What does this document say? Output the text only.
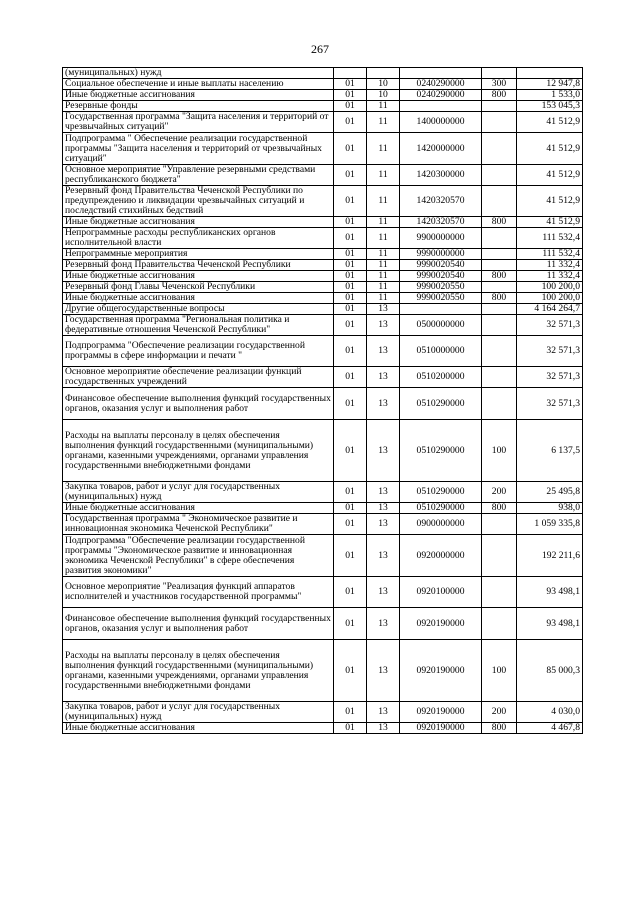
267
(муниципальных) нужд					
Социальное обеспечение и иные выплаты населению	01	10	0240290000	300	12 947,8
Иные бюджетные ассигнования	01	10	0240290000	800	1 533,0
Резервные фонды	01	11			153 045,3
Государственная программа "Защита населения и территорий от чрезвычайных ситуаций"	01	11	1400000000		41 512,9
Подпрограмма " Обеспечение реализации государственной программы "Защита населения и территорий от чрезвычайных ситуаций"	01	11	1420000000		41 512,9
Основное мероприятие "Управление резервными средствами республиканского бюджета"	01	11	1420300000		41 512,9
Резервный фонд Правительства Чеченской Республики по предупреждению и ликвидации чрезвычайных ситуаций и последствий стихийных бедствий	01	11	1420320570		41 512,9
Иные бюджетные ассигнования	01	11	1420320570	800	41 512,9
Непрограммные расходы республиканских органов исполнительной власти	01	11	9900000000		111 532,4
Непрограммные мероприятия	01	11	9990000000		111 532,4
Резервный фонд Правительства Чеченской Республики	01	11	9990020540		11 332,4
Иные бюджетные ассигнования	01	11	9990020540	800	11 332,4
Резервный фонд Главы Чеченской Республики	01	11	9990020550		100 200,0
Иные бюджетные ассигнования	01	11	9990020550	800	100 200,0
Другие общегосударственные вопросы	01	13			4 164 264,7
Государственная программа "Региональная политика и федеративные отношения Чеченской Республики"	01	13	0500000000		32 571,3
Подпрограмма "Обеспечение реализации государственной программы в сфере информации и печати "	01	13	0510000000		32 571,3
Основное мероприятие обеспечение реализации функций государственных учреждений	01	13	0510200000		32 571,3
Финансовое обеспечение выполнения функций государственных органов, оказания услуг и выполнения работ	01	13	0510290000		32 571,3
Расходы на выплаты персоналу в целях обеспечения выполнения функций государственными (муниципальными) органами, казенными учреждениями, органами управления государственными внебюджетными фондами	01	13	0510290000	100	6 137,5
Закупка товаров, работ и услуг для государственных (муниципальных) нужд	01	13	0510290000	200	25 495,8
Иные бюджетные ассигнования	01	13	0510290000	800	938,0
Государственная программа " Экономическое развитие и инновационная экономика Чеченской Республики"	01	13	0900000000		1 059 335,8
Подпрограмма "Обеспечение реализации государственной программы "Экономическое развитие и инновационная экономика Чеченской Республики" в сфере обеспечения развития экономики"	01	13	0920000000		192 211,6
Основное мероприятие "Реализация функций аппаратов исполнителей и участников государственной программы"	01	13	0920100000		93 498,1
Финансовое обеспечение выполнения функций государственных органов, оказания услуг и выполнения работ	01	13	0920190000		93 498,1
Расходы на выплаты персоналу в целях обеспечения выполнения функций государственными (муниципальными) органами, казенными учреждениями, органами управления государственными внебюджетными фондами	01	13	0920190000	100	85 000,3
Закупка товаров, работ и услуг для государственных (муниципальных) нужд	01	13	0920190000	200	4 030,0
Иные бюджетные ассигнования	01	13	0920190000	800	4 467,8
